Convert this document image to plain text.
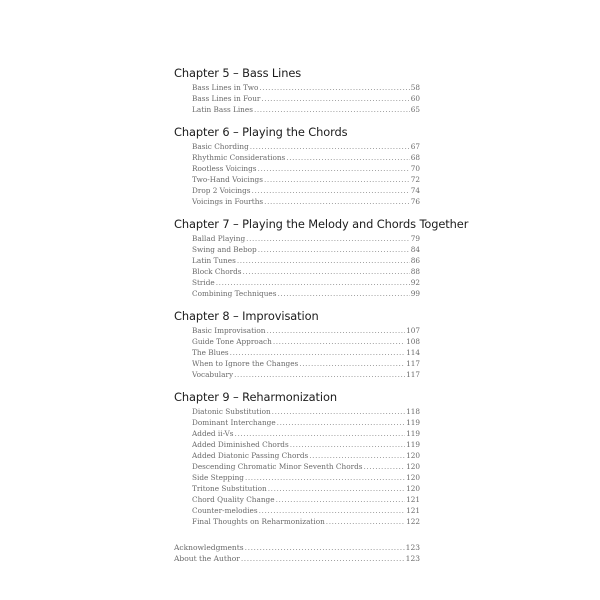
Chapter 5 – Bass Lines
Bass Lines in Two .....	58
Bass Lines in Four .....	60
Latin Bass Lines .....	65
Chapter 6 – Playing the Chords
Basic Chording .....	67
Rhythmic Considerations .....	68
Rootless Voicings .....	70
Two-Hand Voicings .....	72
Drop 2 Voicings .....	74
Voicings in Fourths .....	76
Chapter 7 – Playing the Melody and Chords Together
Ballad Playing .....	79
Swing and Bebop .....	84
Latin Tunes .....	86
Block Chords .....	88
Stride .....	92
Combining Techniques .....	99
Chapter 8 – Improvisation
Basic Improvisation .....	107
Guide Tone Approach .....	108
The Blues .....	114
When to Ignore the Changes .....	117
Vocabulary .....	117
Chapter 9 – Reharmonization
Diatonic Substitution .....	118
Dominant Interchange .....	119
Added ii-Vs .....	119
Added Diminished Chords .....	119
Added Diatonic Passing Chords .....	120
Descending Chromatic Minor Seventh Chords .....	120
Side Stepping .....	120
Tritone Substitution .....	120
Chord Quality Change .....	121
Counter-melodies .....	121
Final Thoughts on Reharmonization .....	122
Acknowledgments .....	123
About the Author .....	123
